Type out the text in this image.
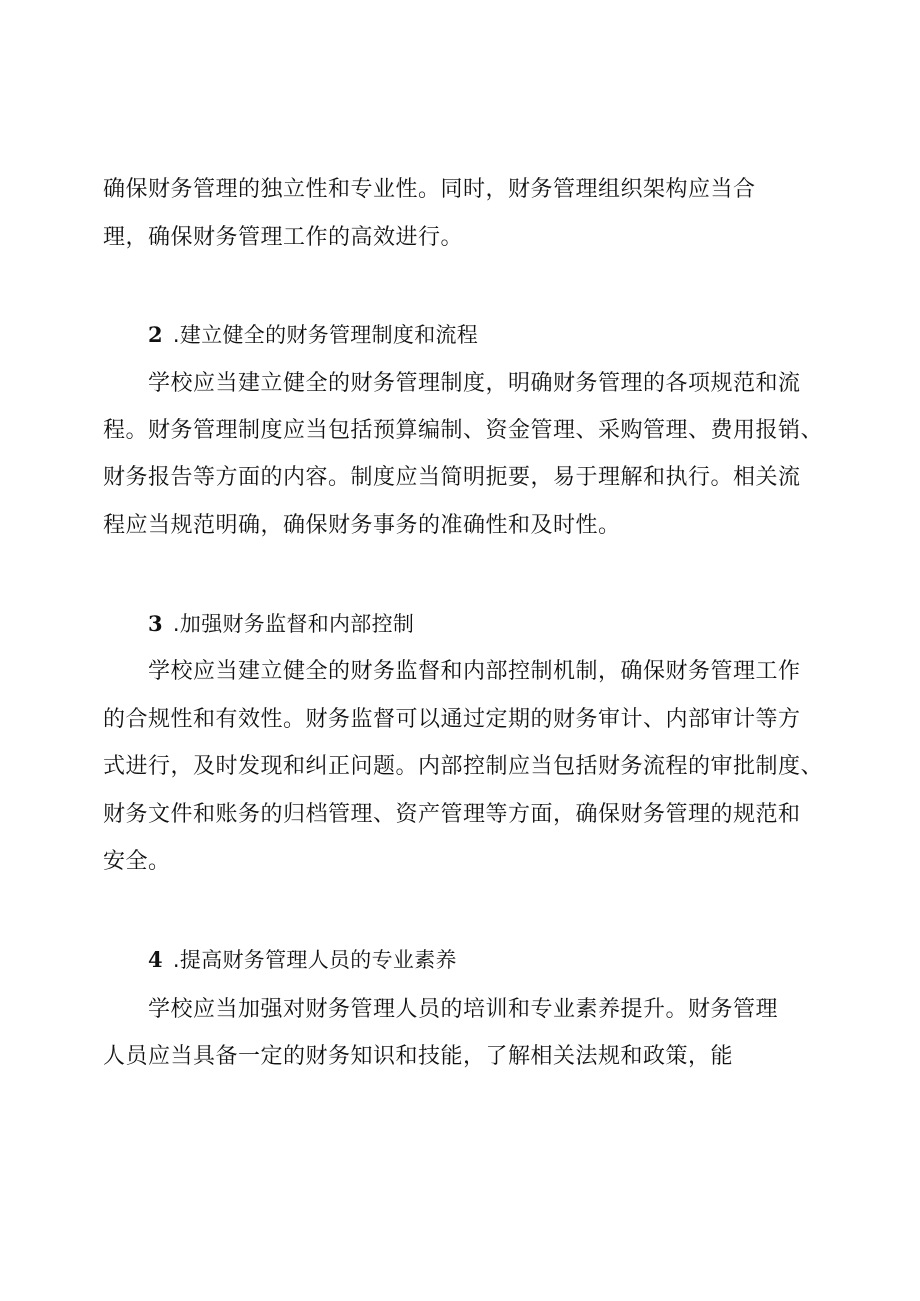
确保财务管理的独立性和专业性。同时，财务管理组织架构应当合
理，确保财务管理工作的高效进行。
2 .建立健全的财务管理制度和流程
学校应当建立健全的财务管理制度，明确财务管理的各项规范和流
程。财务管理制度应当包括预算编制、资金管理、采购管理、费用报销、
财务报告等方面的内容。制度应当简明扼要，易于理解和执行。相关流
程应当规范明确，确保财务事务的准确性和及时性。
3 .加强财务监督和内部控制
学校应当建立健全的财务监督和内部控制机制，确保财务管理工作
的合规性和有效性。财务监督可以通过定期的财务审计、内部审计等方
式进行，及时发现和纠正问题。内部控制应当包括财务流程的审批制度、
财务文件和账务的归档管理、资产管理等方面，确保财务管理的规范和
安全。
4 .提高财务管理人员的专业素养
学校应当加强对财务管理人员的培训和专业素养提升。财务管理
人员应当具备一定的财务知识和技能，了解相关法规和政策，能
